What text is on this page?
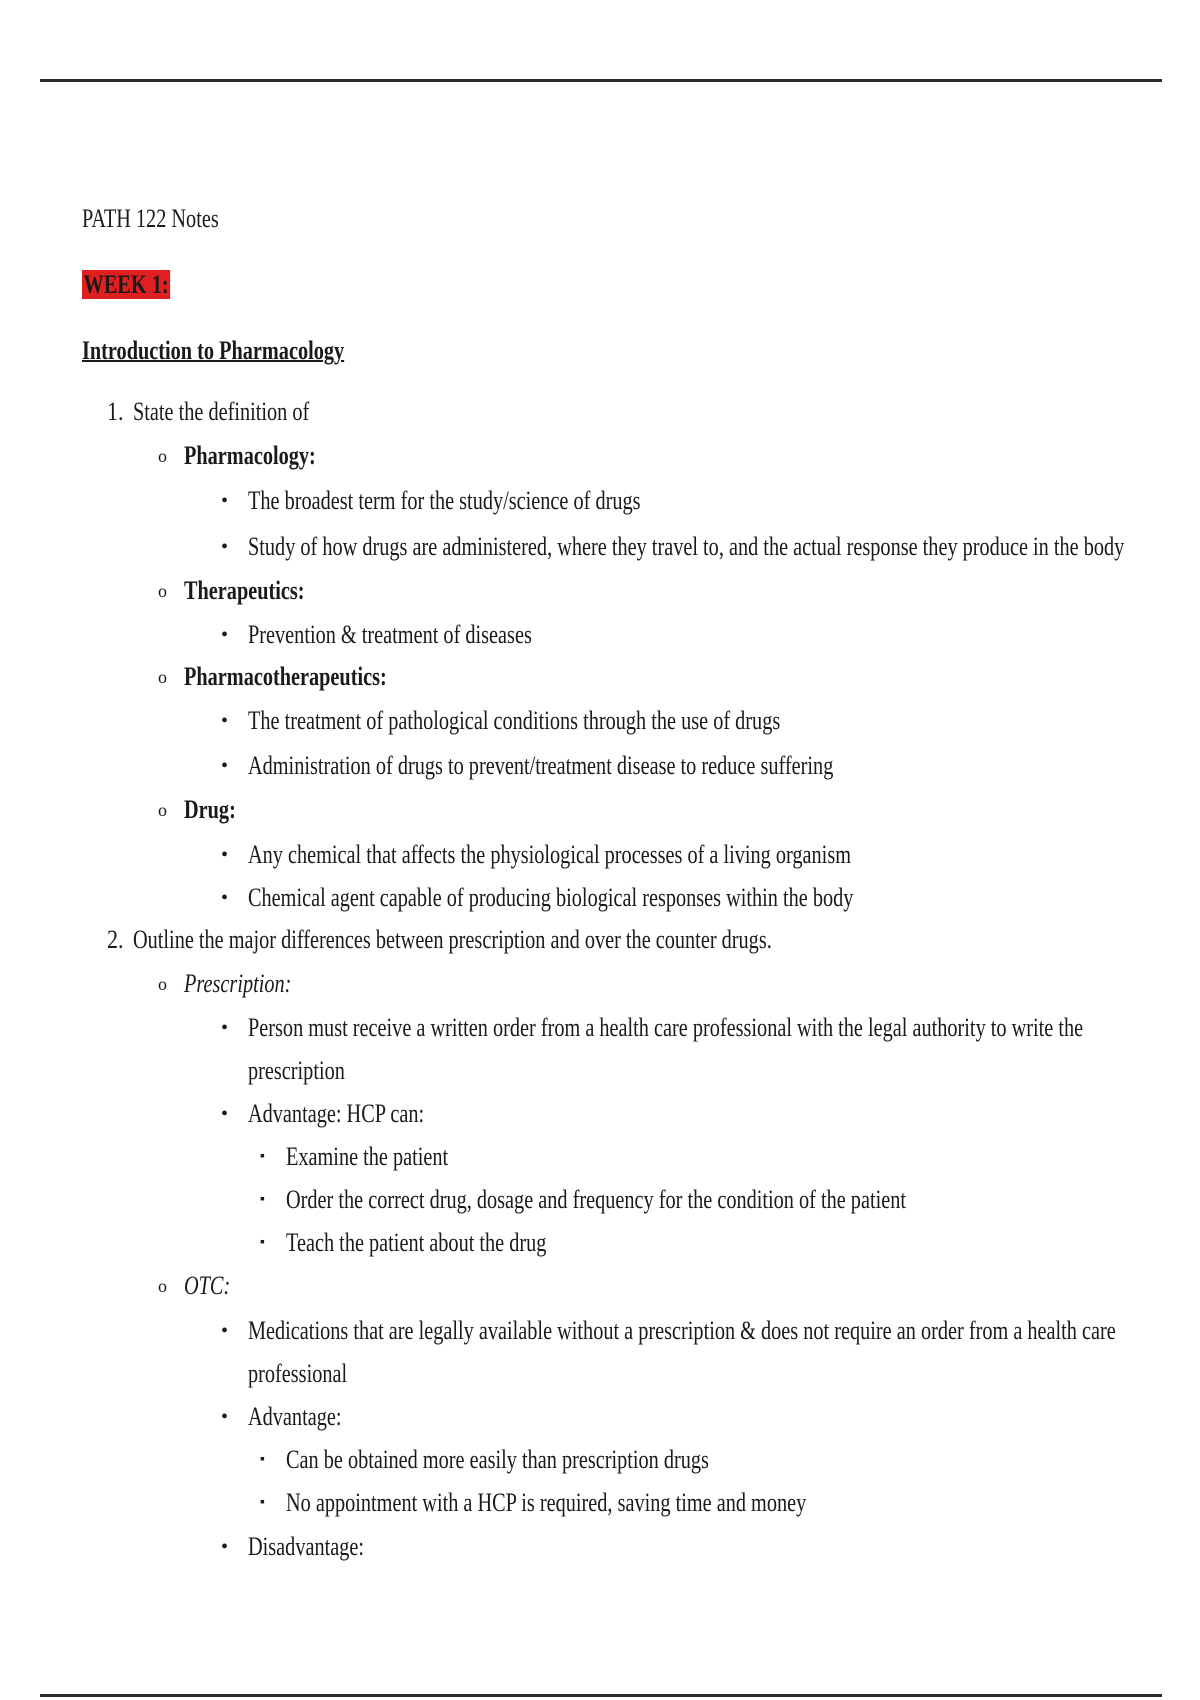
PATH 122 Notes
WEEK 1:
Introduction to Pharmacology
1. State the definition of
o Pharmacology:
• The broadest term for the study/science of drugs
• Study of how drugs are administered, where they travel to, and the actual response they produce in the body
o Therapeutics:
• Prevention & treatment of diseases
o Pharmacotherapeutics:
• The treatment of pathological conditions through the use of drugs
• Administration of drugs to prevent/treatment disease to reduce suffering
o Drug:
• Any chemical that affects the physiological processes of a living organism
• Chemical agent capable of producing biological responses within the body
2. Outline the major differences between prescription and over the counter drugs.
o Prescription:
• Person must receive a written order from a health care professional with the legal authority to write the
prescription
• Advantage: HCP can:
▪ Examine the patient
▪ Order the correct drug, dosage and frequency for the condition of the patient
▪ Teach the patient about the drug
o OTC:
• Medications that are legally available without a prescription & does not require an order from a health care
professional
• Advantage:
▪ Can be obtained more easily than prescription drugs
▪ No appointment with a HCP is required, saving time and money
• Disadvantage:
